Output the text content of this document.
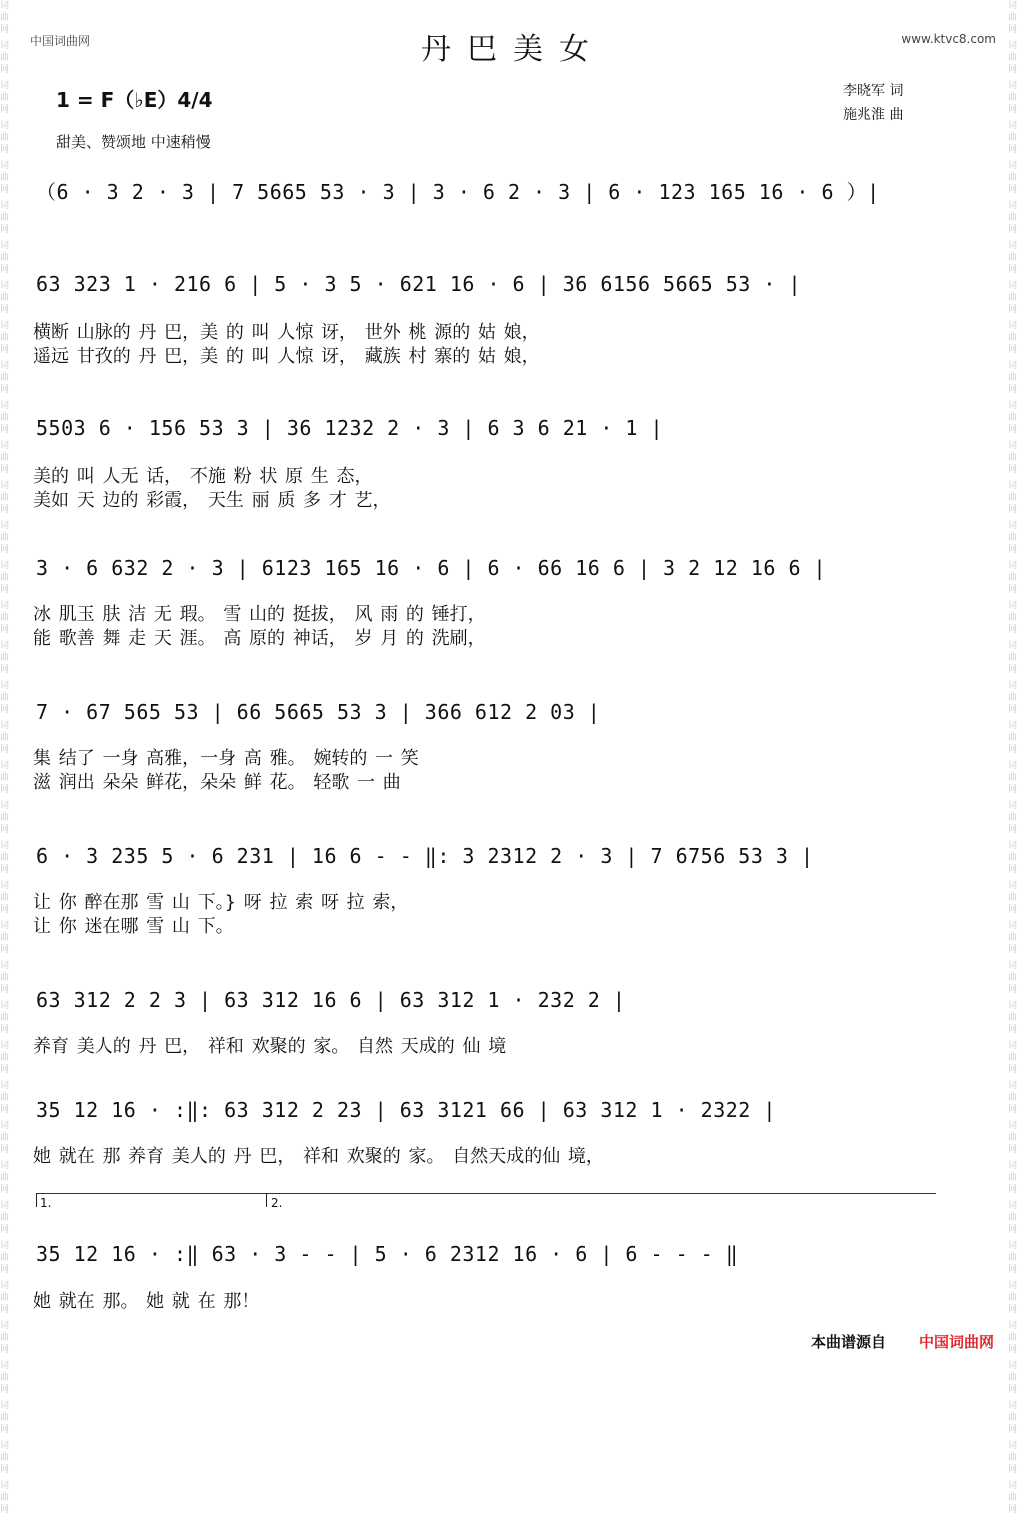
词曲网
词曲网
词曲网
词曲网
词曲网
词曲网
词曲网
词曲网
词曲网
词曲网
词曲网
词曲网
词曲网
词曲网
词曲网
词曲网
词曲网
词曲网
词曲网
词曲网
词曲网
词曲网
词曲网
词曲网
词曲网
词曲网
词曲网
词曲网
词曲网
词曲网
词曲网
词曲网
词曲网
词曲网
词曲网
词曲网
词曲网
词曲网
词曲网
词曲网
词曲网
词曲网
词曲网
词曲网
词曲网
词曲网
词曲网
词曲网
词曲网
词曲网
词曲网
词曲网
词曲网
词曲网
词曲网
词曲网
词曲网
词曲网
词曲网
词曲网
词曲网
词曲网
词曲网
词曲网
词曲网
词曲网
词曲网
词曲网
词曲网
词曲网
词曲网
词曲网
词曲网
词曲网
词曲网
词曲网
中国词曲网	www.ktvc8.com
丹巴美女
1 = F（♭E）4/4	李晓军 词
施兆淮 曲
甜美、赞颂地 中速稍慢
（6 · 3 2 · 3 | 7 5665 53 · 3 | 3 · 6 2 · 3 | 6 · 123 165 16 · 6 ）|
63 323 1 · 216 6 | 5 · 3 5 · 621 16 · 6 | 36 6156 5665 53 · |
横断 山脉的 丹 巴，美 的 叫 人惊 讶， 世外 桃 源的 姑 娘，
遥远 甘孜的 丹 巴，美 的 叫 人惊 讶， 藏族 村 寨的 姑 娘，
5503 6 · 156 53 3 | 36 1232 2 · 3 | 6 3 6 21 · 1 |
美的 叫 人无 话， 不施 粉 状 原 生 态，
美如 天 边的 彩霞， 天生 丽 质 多 才 艺，
3 · 6 632 2 · 3 | 6123 165 16 · 6 | 6 · 66 16 6 | 3 2 12 16 6 |
冰 肌玉 肤 洁 无 瑕。 雪 山的 挺拔， 风 雨 的 锤打，
能 歌善 舞 走 天 涯。 高 原的 神话， 岁 月 的 洗刷，
7 · 67 565 53 | 66 5665 53 3 | 366 612 2 03 |
集 结了 一身 高雅，一身 高 雅。 婉转的 一 笑
滋 润出 朵朵 鲜花，朵朵 鲜 花。 轻歌 一 曲
6 · 3 235 5 · 6 231 | 16 6 - - ‖: 3 2312 2 · 3 | 7 6756 53 3 |
让 你 醉在那 雪 山 下。} 呀 拉 索 呀 拉 索，
让 你 迷在哪 雪 山 下。
63 312 2 2 3 | 63 312 16 6 | 63 312 1 · 232 2 |
养育 美人的 丹 巴， 祥和 欢聚的 家。 自然 天成的 仙 境
35 12 16 · :‖: 63 312 2 23 | 63 3121 66 | 63 312 1 · 2322 |
她 就在 那 养育 美人的 丹 巴， 祥和 欢聚的 家。 自然天成的仙 境，
1.	2.
35 12 16 · :‖ 63 · 3 - - | 5 · 6 2312 16 · 6 | 6 - - - ‖
她 就在 那。 她 就 在 那！
本曲谱源自 中国词曲网
